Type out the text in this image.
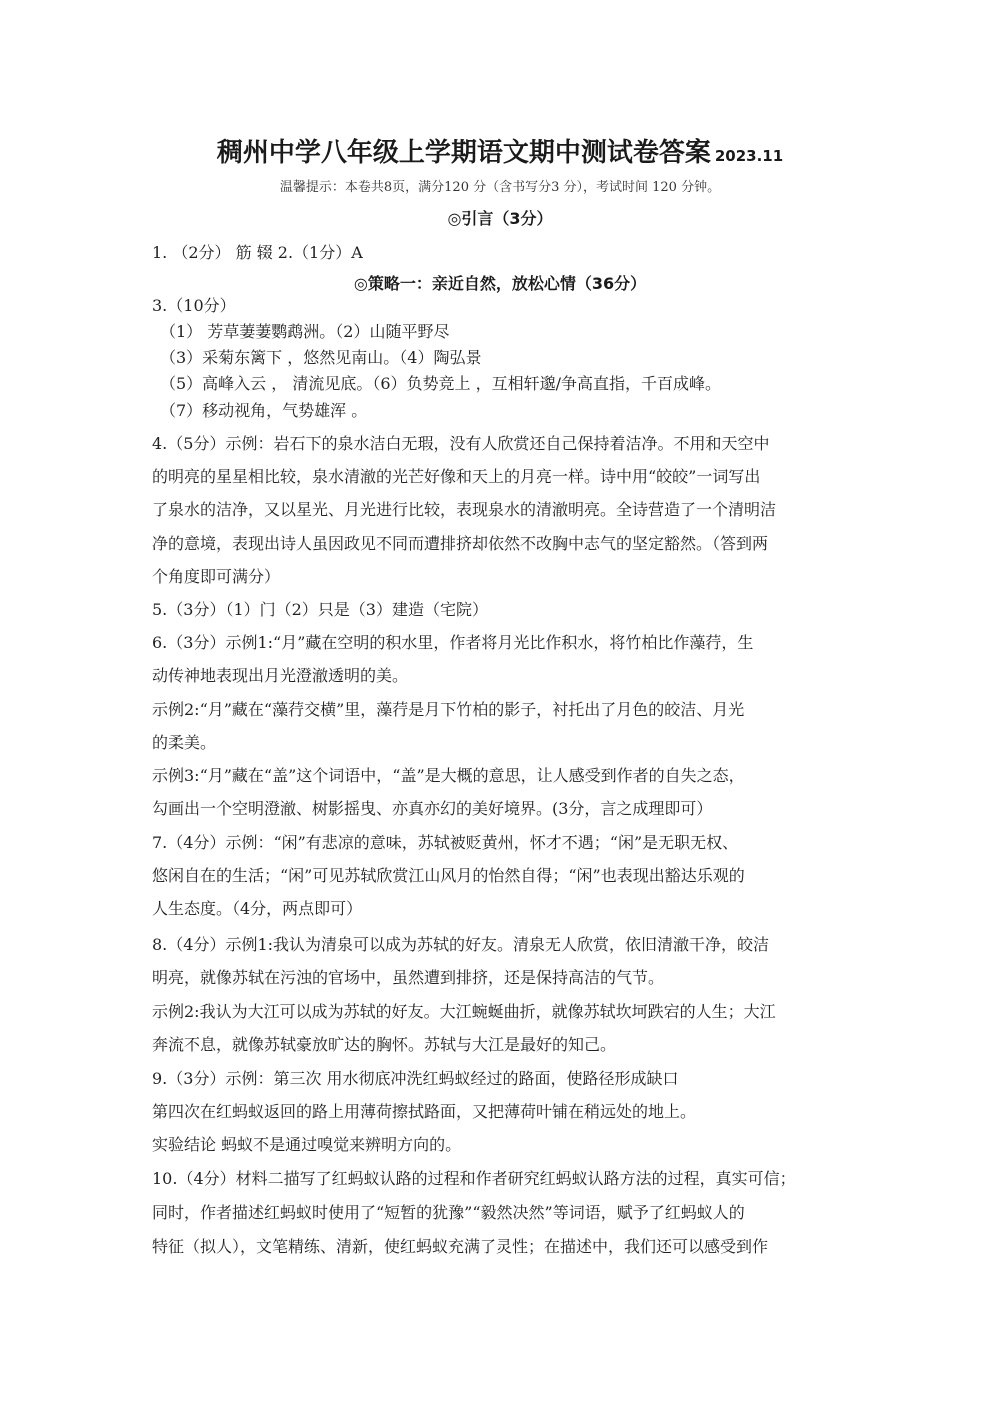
稠州中学八年级上学期语文期中测试卷答案 2023.11
温馨提示：本卷共8页，满分120 分（含书写分3 分），考试时间 120 分钟。
◎引言（3分）
1. （2分） 筋 辍 2.（1分）A
◎策略一：亲近自然，放松心情（36分）
3.（10分）
（1） 芳草萋萋鹦鹉洲。（2）山随平野尽
（3）采菊东篱下 ，悠然见南山。（4）陶弘景
（5）高峰入云 ， 清流见底。（6）负势竞上 ，互相轩邈/争高直指，千百成峰。
（7）移动视角，气势雄浑 。
4.（5分）示例：岩石下的泉水洁白无瑕，没有人欣赏还自己保持着洁净。不用和天空中
的明亮的星星相比较，泉水清澈的光芒好像和天上的月亮一样。诗中用“皎皎”一词写出
了泉水的洁净，又以星光、月光进行比较，表现泉水的清澈明亮。全诗营造了一个清明洁
净的意境，表现出诗人虽因政见不同而遭排挤却依然不改胸中志气的坚定豁然。（答到两
个角度即可满分）
5.（3分）（1）门（2）只是（3）建造（宅院）
6.（3分）示例1:“月”藏在空明的积水里，作者将月光比作积水，将竹柏比作藻荇，生
动传神地表现出月光澄澈透明的美。
示例2:“月”藏在“藻荇交横”里，藻荇是月下竹柏的影子，衬托出了月色的皎洁、月光
的柔美。
示例3:“月”藏在“盖”这个词语中，“盖”是大概的意思，让人感受到作者的自失之态，
勾画出一个空明澄澈、树影摇曳、亦真亦幻的美好境界。(3分，言之成理即可）
7.（4分）示例：“闲”有悲凉的意味，苏轼被贬黄州，怀才不遇；“闲”是无职无权、
悠闲自在的生活；“闲”可见苏轼欣赏江山风月的怡然自得；“闲”也表现出豁达乐观的
人生态度。（4分，两点即可）
8.（4分）示例1:我认为清泉可以成为苏轼的好友。清泉无人欣赏，依旧清澈干净，皎洁
明亮，就像苏轼在污浊的官场中，虽然遭到排挤，还是保持高洁的气节。
示例2:我认为大江可以成为苏轼的好友。大江蜿蜒曲折，就像苏轼坎坷跌宕的人生；大江
奔流不息，就像苏轼豪放旷达的胸怀。苏轼与大江是最好的知己。
9.（3分）示例：第三次 用水彻底冲洗红蚂蚁经过的路面，使路径形成缺口
第四次在红蚂蚁返回的路上用薄荷擦拭路面，又把薄荷叶铺在稍远处的地上。
实验结论 蚂蚁不是通过嗅觉来辨明方向的。
10.（4分）材料二描写了红蚂蚁认路的过程和作者研究红蚂蚁认路方法的过程，真实可信；
同时，作者描述红蚂蚁时使用了“短暂的犹豫”“毅然决然”等词语，赋予了红蚂蚁人的
特征（拟人），文笔精练、清新，使红蚂蚁充满了灵性；在描述中，我们还可以感受到作
